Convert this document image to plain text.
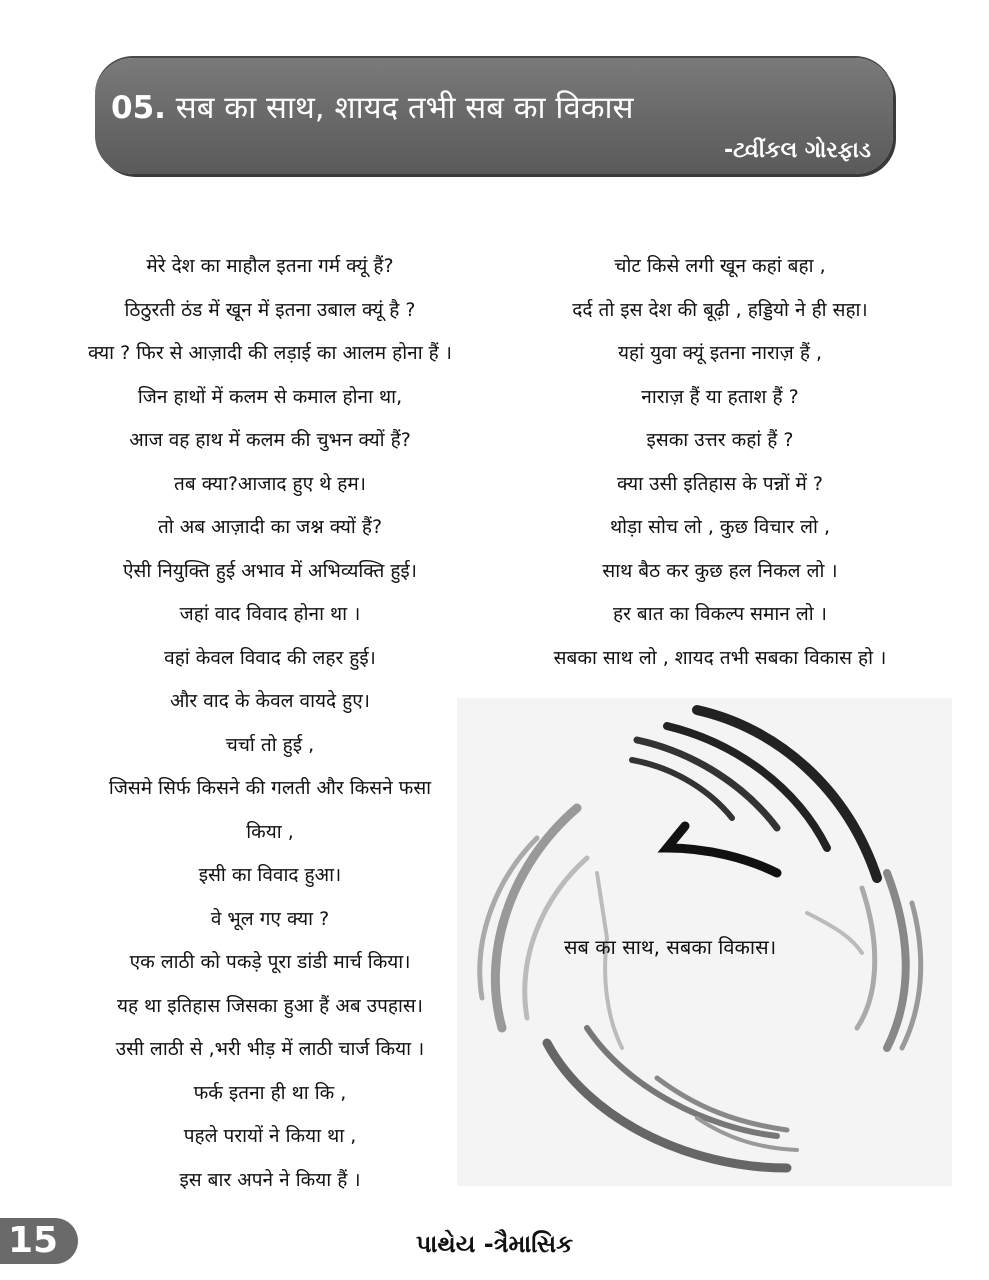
05. सब का साथ, शायद तभी सब का विकास
-ટ્વીંકલ ગોરફાડ
मेरे देश का माहौल इतना गर्म क्यूं हैं?
ठिठुरती ठंड में खून में इतना उबाल क्यूं है ?
क्या ? फिर से आज़ादी की लड़ाई का आलम होना हैं ।
जिन हाथों में कलम से कमाल होना था,
आज वह हाथ में कलम की चुभन क्यों हैं?
तब क्या?आजाद हुए थे हम।
तो अब आज़ादी का जश्न क्यों हैं?
ऐसी नियुक्ति हुई अभाव में अभिव्यक्ति हुई।
जहां वाद विवाद होना था ।
वहां केवल विवाद की लहर हुई।
और वाद के केवल वायदे हुए।
चर्चा तो हुई ,
जिसमे सिर्फ किसने की गलती और किसने फसा
किया ,
इसी का विवाद हुआ।
वे भूल गए क्या ?
एक लाठी को पकड़े पूरा डांडी मार्च किया।
यह था इतिहास जिसका हुआ हैं अब उपहास।
उसी लाठी से ,भरी भीड़ में लाठी चार्ज किया ।
फर्क इतना ही था कि ,
पहले परायों ने किया था ,
इस बार अपने ने किया हैं ।
चोट किसे लगी खून कहां बहा ,
दर्द तो इस देश की बूढ़ी , हड्डियो ने ही सहा।
यहां युवा क्यूं इतना नाराज़ हैं ,
नाराज़ हैं या हताश हैं ?
इसका उत्तर कहां हैं ?
क्या उसी इतिहास के पन्नों में ?
थोड़ा सोच लो , कुछ विचार लो ,
साथ बैठ कर कुछ हल निकल लो ।
हर बात का विकल्प समान लो ।
सबका साथ लो , शायद तभी सबका विकास हो ।
सब का साथ, सबका विकास।
15	પાથેય -ત્રૈમાસિક
